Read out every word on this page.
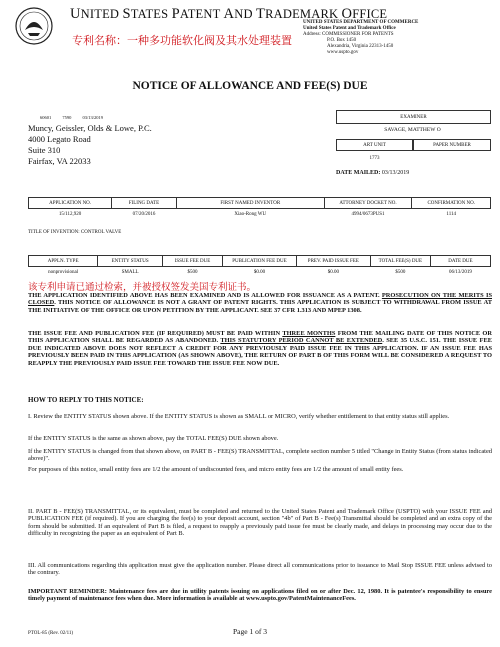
UNITED STATES PATENT AND TRADEMARK OFFICE
专利名称：一种多功能软化阀及其水处理装置
UNITED STATES DEPARTMENT OF COMMERCE
United States Patent and Trademark Office
Address: COMMISSIONER FOR PATENTS
P.O. Box 1450
Alexandria, Virginia 22313-1450
www.uspto.gov
NOTICE OF ALLOWANCE AND FEE(S) DUE
60601 7590 03/13/2019
Muncy, Geissler, Olds & Lowe, P.C.
4000 Legato Road
Suite 310
Fairfax, VA 22033
EXAMINER
SAVAGE, MATTHEW O
ART UNIT	PAPER NUMBER
1773
DATE MAILED: 03/13/2019
APPLICATION NO.	FILING DATE	FIRST NAMED INVENTOR	ATTORNEY DOCKET NO.	CONFIRMATION NO.
15/112,920	07/20/2016	Xiao-Rong WU	4994/0673PUS1	1114
TITLE OF INVENTION: CONTROL VALVE
APPLN. TYPE	ENTITY STATUS	ISSUE FEE DUE	PUBLICATION FEE DUE	PREV. PAID ISSUE FEE	TOTAL FEE(S) DUE	DATE DUE
nonprovisional	SMALL	$500	$0.00	$0.00	$500	06/13/2019
该专利申请已通过检索，并被授权签发美国专利证书。
THE APPLICATION IDENTIFIED ABOVE HAS BEEN EXAMINED AND IS ALLOWED FOR ISSUANCE AS A PATENT. PROSECUTION ON THE MERITS IS CLOSED. THIS NOTICE OF ALLOWANCE IS NOT A GRANT OF PATENT RIGHTS. THIS APPLICATION IS SUBJECT TO WITHDRAWAL FROM ISSUE AT THE INITIATIVE OF THE OFFICE OR UPON PETITION BY THE APPLICANT. SEE 37 CFR 1.313 AND MPEP 1308.
THE ISSUE FEE AND PUBLICATION FEE (IF REQUIRED) MUST BE PAID WITHIN THREE MONTHS FROM THE MAILING DATE OF THIS NOTICE OR THIS APPLICATION SHALL BE REGARDED AS ABANDONED. THIS STATUTORY PERIOD CANNOT BE EXTENDED. SEE 35 U.S.C. 151. THE ISSUE FEE DUE INDICATED ABOVE DOES NOT REFLECT A CREDIT FOR ANY PREVIOUSLY PAID ISSUE FEE IN THIS APPLICATION. IF AN ISSUE FEE HAS PREVIOUSLY BEEN PAID IN THIS APPLICATION (AS SHOWN ABOVE), THE RETURN OF PART B OF THIS FORM WILL BE CONSIDERED A REQUEST TO REAPPLY THE PREVIOUSLY PAID ISSUE FEE TOWARD THE ISSUE FEE NOW DUE.
HOW TO REPLY TO THIS NOTICE:
I. Review the ENTITY STATUS shown above. If the ENTITY STATUS is shown as SMALL or MICRO, verify whether entitlement to that entity status still applies.
If the ENTITY STATUS is the same as shown above, pay the TOTAL FEE(S) DUE shown above.
If the ENTITY STATUS is changed from that shown above, on PART B - FEE(S) TRANSMITTAL, complete section number 5 titled "Change in Entity Status (from status indicated above)".
For purposes of this notice, small entity fees are 1/2 the amount of undiscounted fees, and micro entity fees are 1/2 the amount of small entity fees.
II. PART B - FEE(S) TRANSMITTAL, or its equivalent, must be completed and returned to the United States Patent and Trademark Office (USPTO) with your ISSUE FEE and PUBLICATION FEE (if required). If you are charging the fee(s) to your deposit account, section "4b" of Part B - Fee(s) Transmittal should be completed and an extra copy of the form should be submitted. If an equivalent of Part B is filed, a request to reapply a previously paid issue fee must be clearly made, and delays in processing may occur due to the difficulty in recognizing the paper as an equivalent of Part B.
III. All communications regarding this application must give the application number. Please direct all communications prior to issuance to Mail Stop ISSUE FEE unless advised to the contrary.
IMPORTANT REMINDER: Maintenance fees are due in utility patents issuing on applications filed on or after Dec. 12, 1980. It is patentee's responsibility to ensure timely payment of maintenance fees when due. More information is available at www.uspto.gov/PatentMaintenanceFees.
Page 1 of 3
PTOL-85 (Rev. 02/11)
